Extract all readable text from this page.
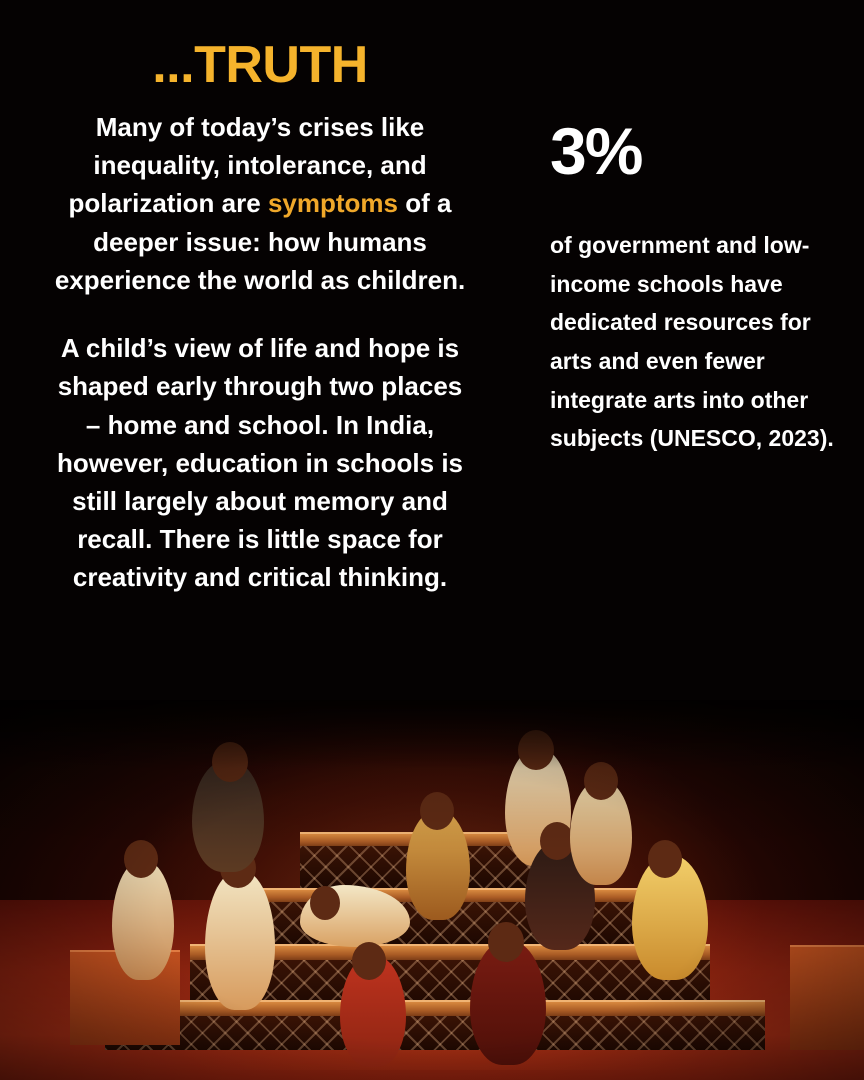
...TRUTH

Many of today’s crises like inequality, intolerance, and polarization are symptoms of a deeper issue: how humans experience the world as children.

A child’s view of life and hope is shaped early through two places – home and school. In India, however, education in schools is still largely about memory and recall. There is little space for creativity and critical thinking.

3%

of government and low-income schools have dedicated resources for arts and even fewer integrate arts into other subjects (UNESCO, 2023).
